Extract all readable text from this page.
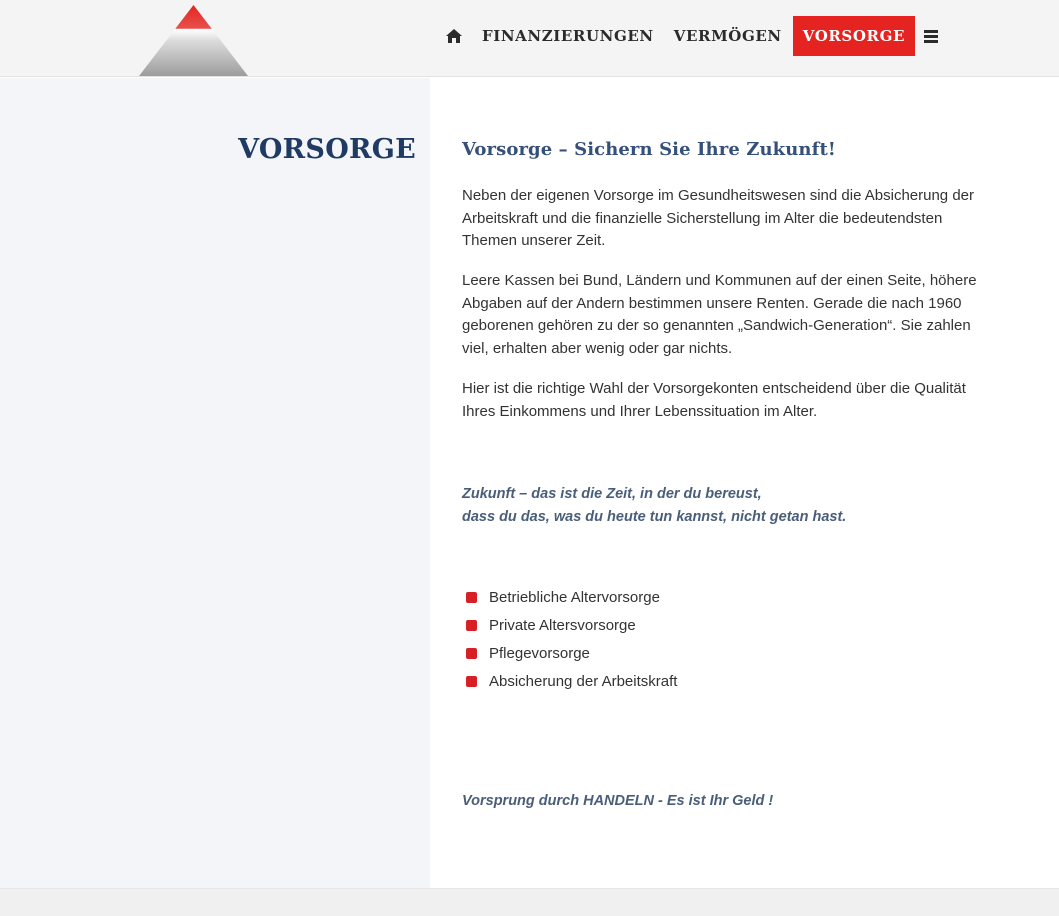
FINANZIERUNGEN	VERMÖGEN	VORSORGE
VORSORGE	Vorsorge – Sichern Sie Ihre Zukunft!

Neben der eigenen Vorsorge im Gesundheitswesen sind die Absicherung der Arbeitskraft und die finanzielle Sicherstellung im Alter die bedeutendsten Themen unserer Zeit.

Leere Kassen bei Bund, Ländern und Kommunen auf der einen Seite, höhere Abgaben auf der Andern bestimmen unsere Renten. Gerade die nach 1960 geborenen gehören zu der so genannten „Sandwich-Generation“. Sie zahlen viel, erhalten aber wenig oder gar nichts.

Hier ist die richtige Wahl der Vorsorgekonten entscheidend über die Qualität Ihres Einkommens und Ihrer Lebenssituation im Alter.

Zukunft – das ist die Zeit, in der du bereust,
dass du das, was du heute tun kannst, nicht getan hast.
Betriebliche Altervorsorge
Private Altersvorsorge
Pflegevorsorge
Absicherung der Arbeitskraft

Vorsprung durch HANDELN - Es ist Ihr Geld !
